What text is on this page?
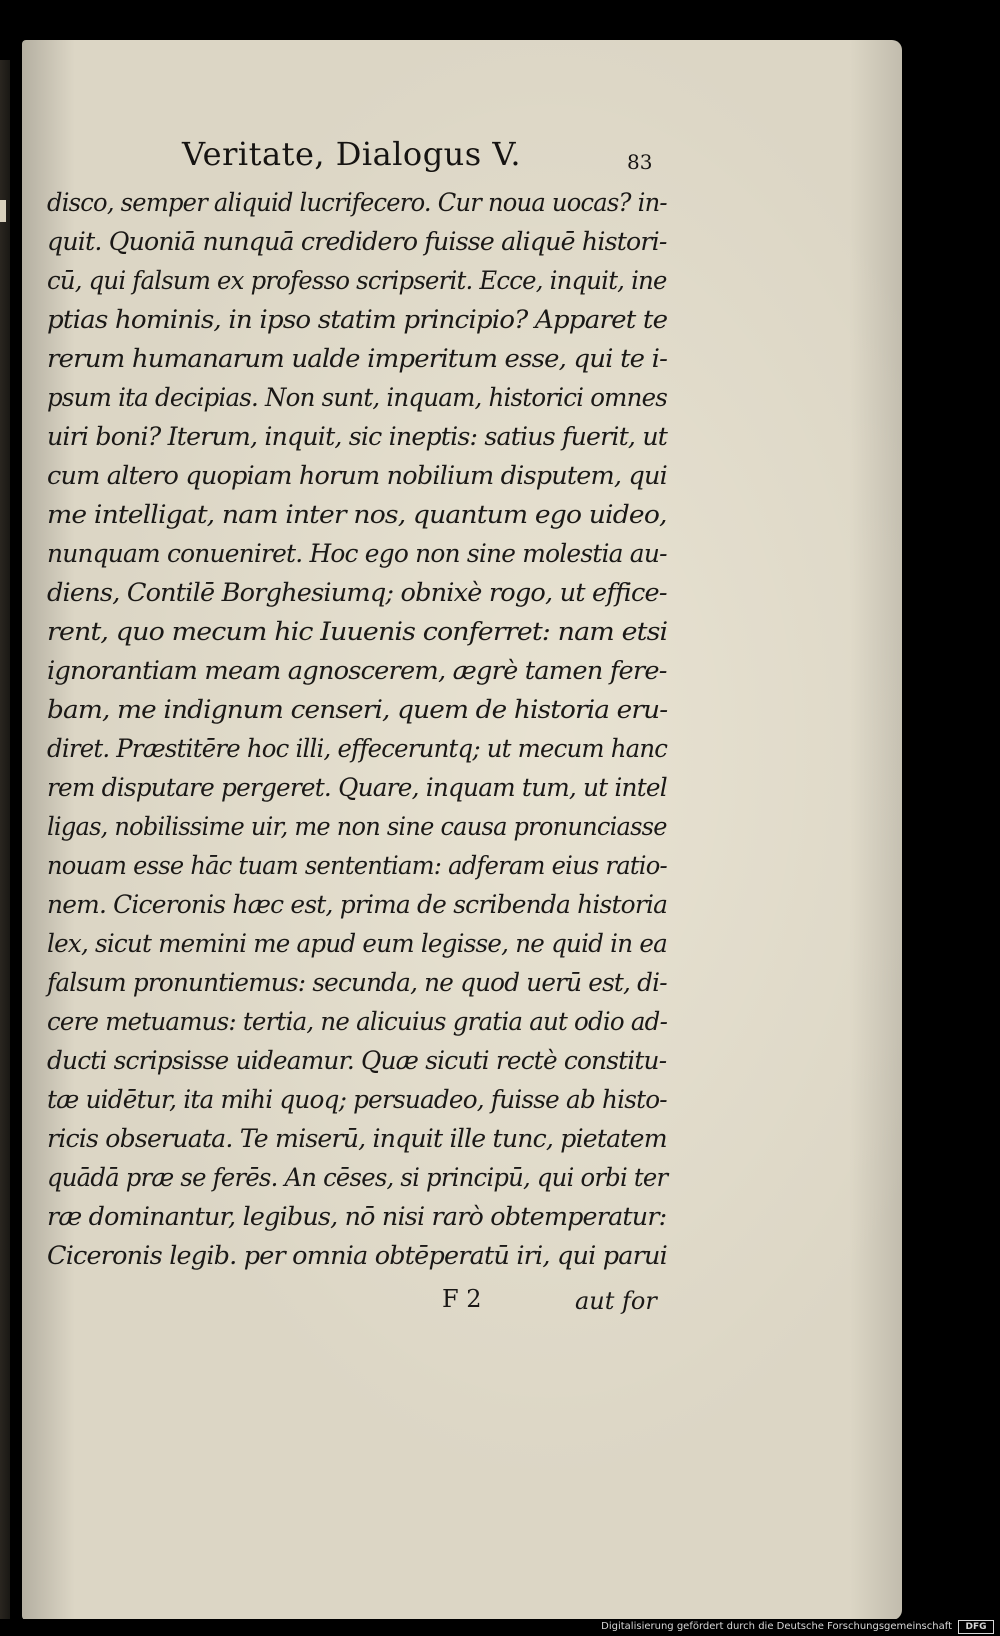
Veritate, Dialogus V.	83
disco, semper aliquid lucrifecero. Cur noua uocas? in-
quit. Quoniā nunquā credidero fuisse aliquē histori-
cū, qui falsum ex professo scripserit. Ecce, inquit, ine
ptias hominis, in ipso statim principio? Apparet te
rerum humanarum ualde imperitum esse, qui te i-
psum ita decipias. Non sunt, inquam, historici omnes
uiri boni? Iterum, inquit, sic ineptis: satius fuerit, ut
cum altero quopiam horum nobilium disputem, qui
me intelligat, nam inter nos, quantum ego uideo,
nunquam conueniret. Hoc ego non sine molestia au-
diens, Contilē Borghesiumq; obnixè rogo, ut effice-
rent, quo mecum hic Iuuenis conferret: nam etsi
ignorantiam meam agnoscerem, ægrè tamen fere-
bam, me indignum censeri, quem de historia eru-
diret. Præstitēre hoc illi, effeceruntq; ut mecum hanc
rem disputare pergeret. Quare, inquam tum, ut intel
ligas, nobilissime uir, me non sine causa pronunciasse
nouam esse hāc tuam sententiam: adferam eius ratio-
nem. Ciceronis hæc est, prima de scribenda historia
lex, sicut memini me apud eum legisse, ne quid in ea
falsum pronuntiemus: secunda, ne quod uerū est, di-
cere metuamus: tertia, ne alicuius gratia aut odio ad-
ducti scripsisse uideamur. Quæ sicuti rectè constitu-
tæ uidētur, ita mihi quoq; persuadeo, fuisse ab histo-
ricis obseruata. Te miserū, inquit ille tunc, pietatem
quādā præ se ferēs. An cēses, si principū, qui orbi ter
ræ dominantur, legibus, nō nisi rarò obtemperatur:
Ciceronis legib. per omnia obtēperatū iri, qui parui
F 2	aut for
Digitalisierung gefördert durch die Deutsche Forschungsgemeinschaft	DFG
